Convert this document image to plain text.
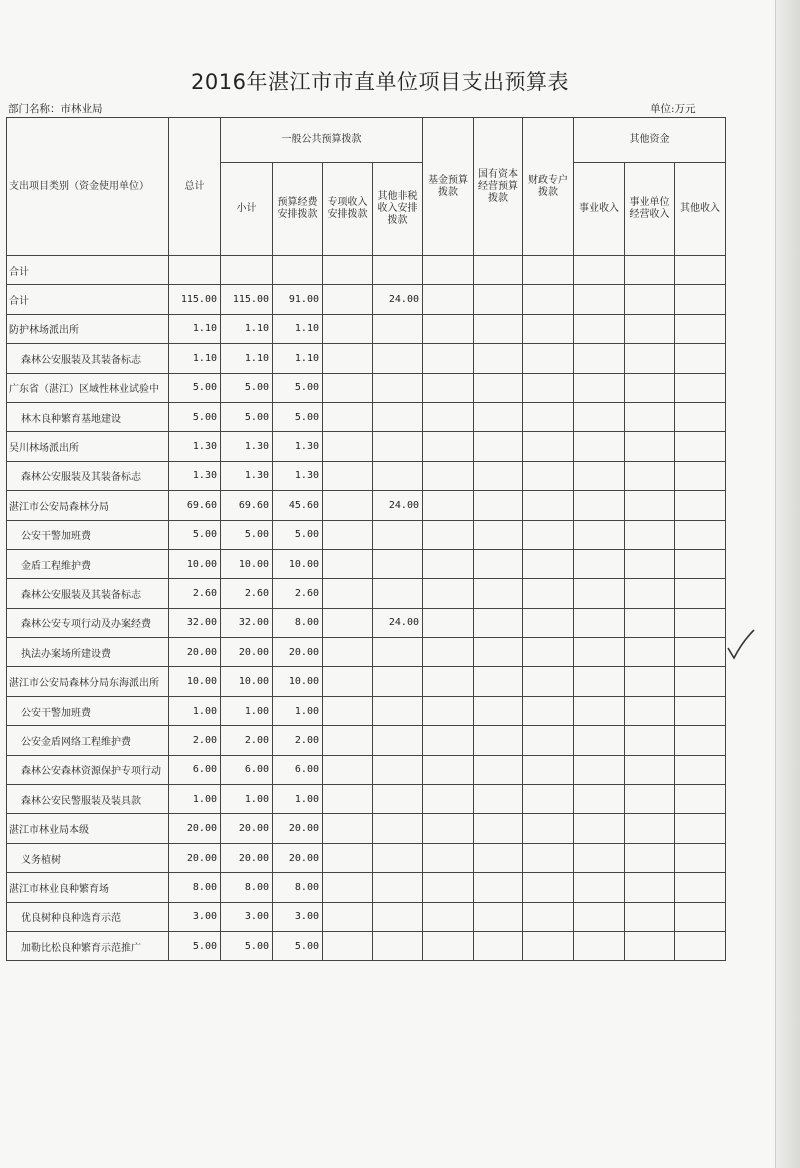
2016年湛江市市直单位项目支出预算表
部门名称：市林业局	单位:万元
支出项目类别（资金使用单位）	总计	一般公共预算拨款				基金预算拨款	国有资本经营预算拨款	财政专户拨款	其他资金		
		小计	预算经费安排拨款	专项收入安排拨款	其他非税收入安排拨款				事业收入	事业单位经营收入	其他收入
合计											
合计	115.00	115.00	91.00		24.00						
防护林场派出所	1.10	1.10	1.10								
森林公安服装及其装备标志	1.10	1.10	1.10								
广东省（湛江）区域性林业试验中	5.00	5.00	5.00								
林木良种繁育基地建设	5.00	5.00	5.00								
吴川林场派出所	1.30	1.30	1.30								
森林公安服装及其装备标志	1.30	1.30	1.30								
湛江市公安局森林分局	69.60	69.60	45.60		24.00						
公安干警加班费	5.00	5.00	5.00								
金盾工程维护费	10.00	10.00	10.00								
森林公安服装及其装备标志	2.60	2.60	2.60								
森林公安专项行动及办案经费	32.00	32.00	8.00		24.00						
执法办案场所建设费	20.00	20.00	20.00								
湛江市公安局森林分局东海派出所	10.00	10.00	10.00								
公安干警加班费	1.00	1.00	1.00								
公安金盾网络工程维护费	2.00	2.00	2.00								
森林公安森林资源保护专项行动	6.00	6.00	6.00								
森林公安民警服装及装具款	1.00	1.00	1.00								
湛江市林业局本级	20.00	20.00	20.00								
义务植树	20.00	20.00	20.00								
湛江市林业良种繁育场	8.00	8.00	8.00								
优良树种良种选育示范	3.00	3.00	3.00								
加勒比松良种繁育示范推广	5.00	5.00	5.00								
